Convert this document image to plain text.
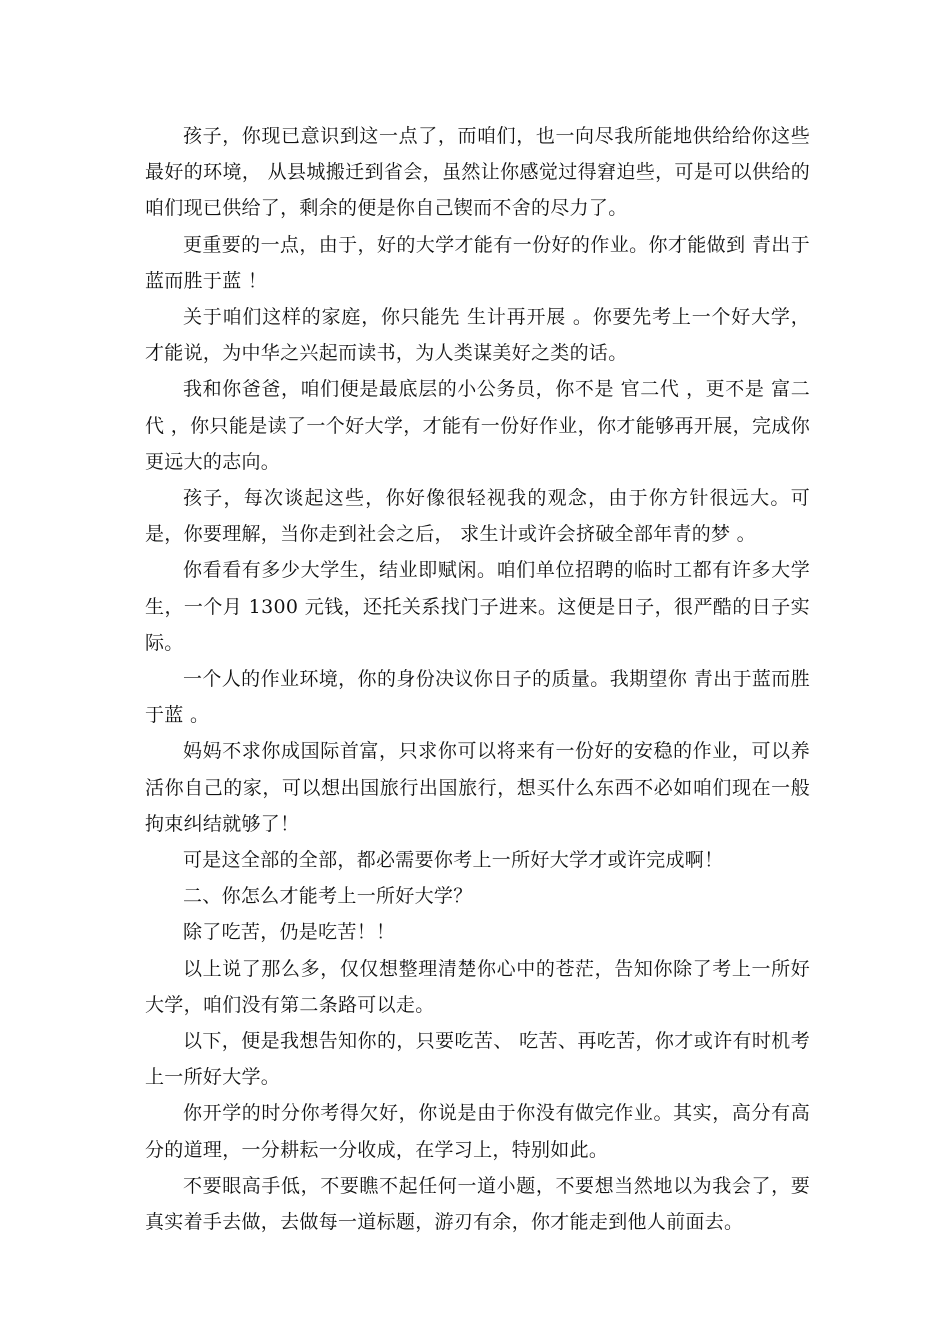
孩子，你现已意识到这一点了，而咱们，也一向尽我所能地供给给你这些最好的环境， 从县城搬迁到省会，虽然让你感觉过得窘迫些，可是可以供给的咱们现已供给了，剩余的便是你自己锲而不舍的尽力了。

更重要的一点，由于，好的大学才能有一份好的作业。你才能做到 青出于蓝而胜于蓝 ！

关于咱们这样的家庭，你只能先 生计再开展 。你要先考上一个好大学，才能说，为中华之兴起而读书，为人类谋美好之类的话。

我和你爸爸，咱们便是最底层的小公务员，你不是 官二代 ，更不是 富二代 ，你只能是读了一个好大学，才能有一份好作业，你才能够再开展，完成你更远大的志向。

孩子，每次谈起这些，你好像很轻视我的观念，由于你方针很远大。可是，你要理解，当你走到社会之后， 求生计或许会挤破全部年青的梦 。

你看看有多少大学生，结业即赋闲。咱们单位招聘的临时工都有许多大学生，一个月 1300 元钱，还托关系找门子进来。这便是日子，很严酷的日子实际。

一个人的作业环境，你的身份决议你日子的质量。我期望你 青出于蓝而胜于蓝 。

妈妈不求你成国际首富，只求你可以将来有一份好的安稳的作业，可以养活你自己的家，可以想出国旅行出国旅行，想买什么东西不必如咱们现在一般拘束纠结就够了！

可是这全部的全部，都必需要你考上一所好大学才或许完成啊！

二、你怎么才能考上一所好大学？

除了吃苦，仍是吃苦！！

以上说了那么多，仅仅想整理清楚你心中的苍茫，告知你除了考上一所好大学，咱们没有第二条路可以走。

以下，便是我想告知你的，只要吃苦、 吃苦、再吃苦，你才或许有时机考上一所好大学。

你开学的时分你考得欠好，你说是由于你没有做完作业。其实，高分有高分的道理，一分耕耘一分收成，在学习上，特别如此。

不要眼高手低，不要瞧不起任何一道小题，不要想当然地以为我会了，要真实着手去做，去做每一道标题，游刃有余，你才能走到他人前面去。
